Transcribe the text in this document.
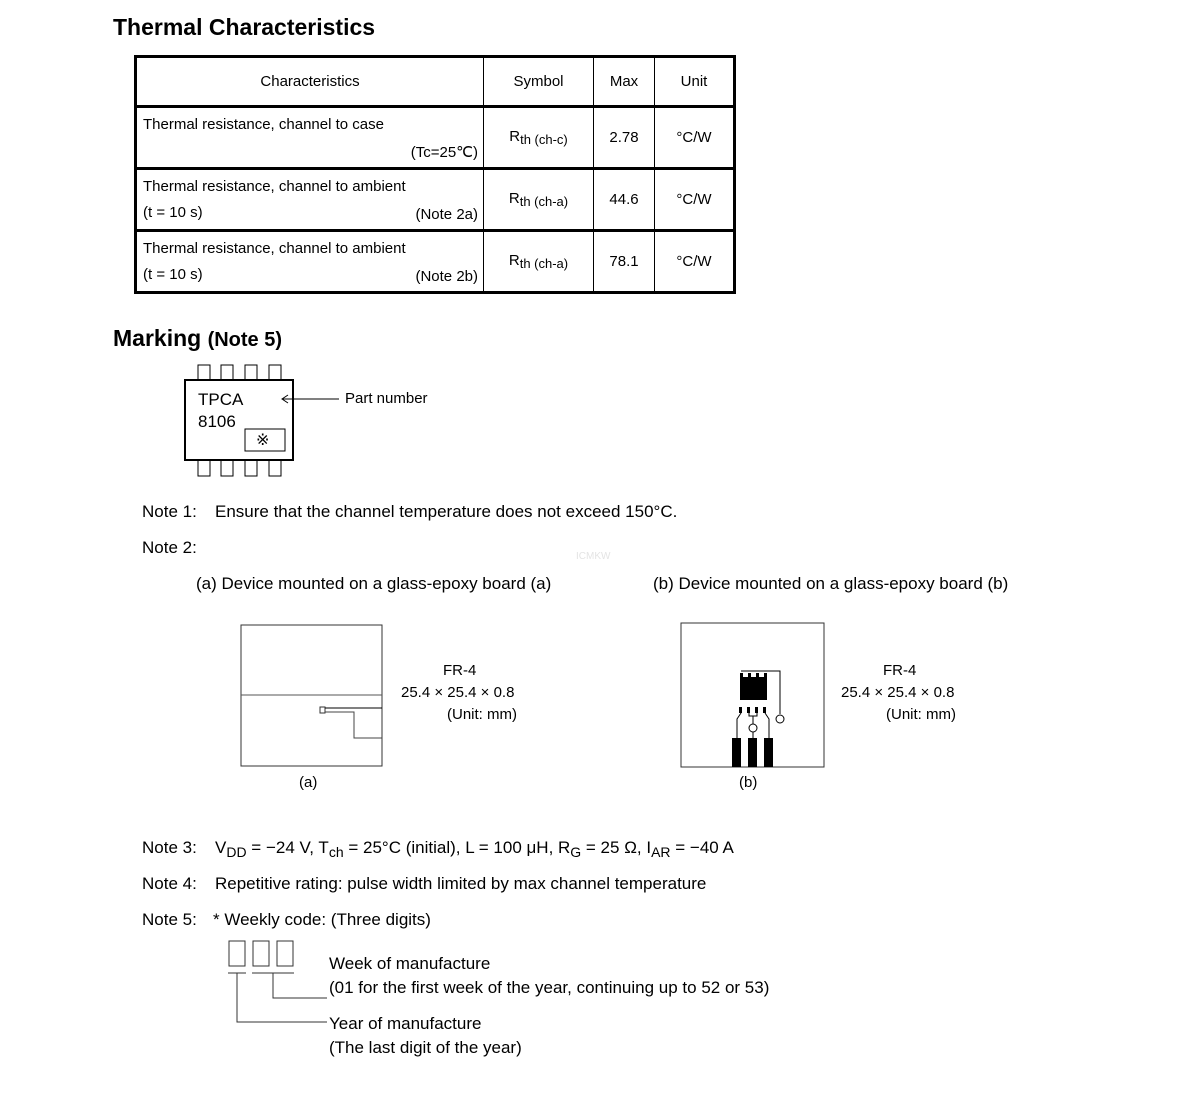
Thermal Characteristics
Characteristics	Symbol	Max	Unit

Thermal resistance, channel to case
(Tc=25℃)	$R_{th (ch-c)}$	2.78	°C/W

Thermal resistance, channel to ambient
(t = 10 s) (Note 2a)	$R_{th (ch-a)}$	44.6	°C/W

Thermal resistance, channel to ambient
(t = 10 s) (Note 2b)	$R_{th (ch-a)}$	78.1	°C/W
Marking (Note 5)
TPCA
8106
※
Part number
Note 1: Ensure that the channel temperature does not exceed 150°C.
Note 2:	ICMKW
(a) Device mounted on a glass-epoxy board (a)	(b) Device mounted on a glass-epoxy board (b)
FR-4
25.4 × 25.4 × 0.8
(Unit: mm)
(a)
FR-4
25.4 × 25.4 × 0.8
(Unit: mm)
(b)
Note 3: $V_{DD} = -24$ V, $T_{ch} = 25^\circ C$ (initial), L = 100 μH, $R_G = 25$ Ω, $I_{AR} = -40$ A
Note 4: Repetitive rating: pulse width limited by max channel temperature
Note 5: * Weekly code: (Three digits)
Week of manufacture
(01 for the first week of the year, continuing up to 52 or 53)
Year of manufacture
(The last digit of the year)
